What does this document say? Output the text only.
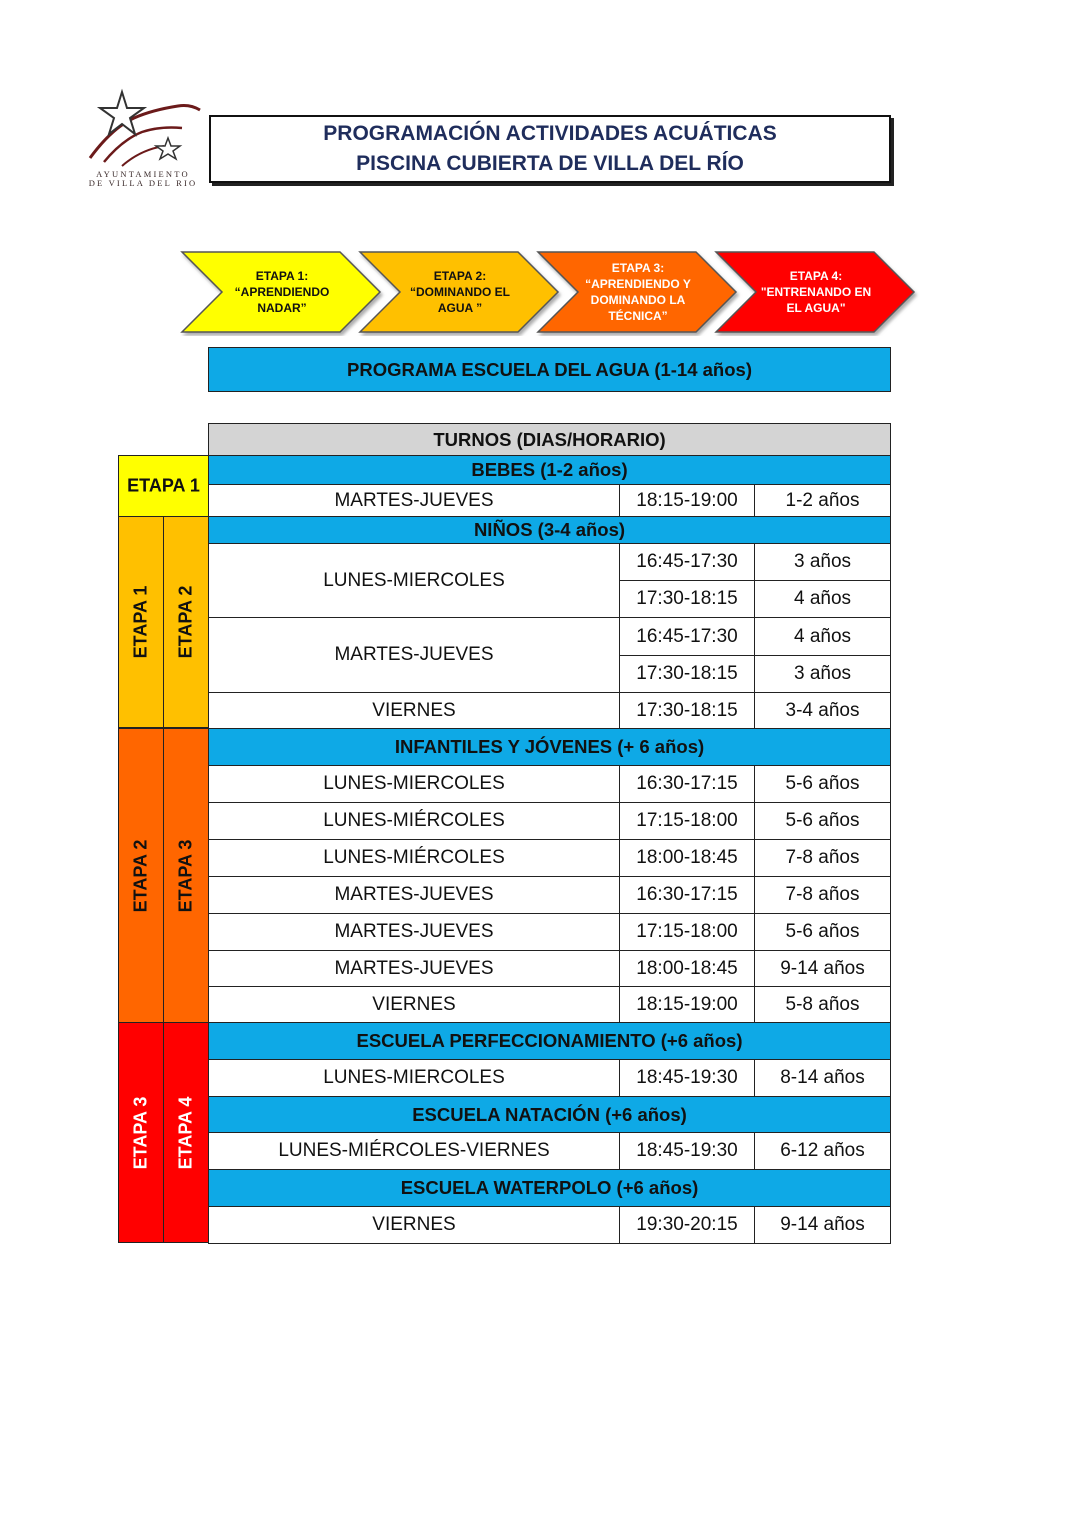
AYUNTAMIENTO
DE VILLA DEL RIO
PROGRAMACIÓN ACTIVIDADES ACUÁTICAS
PISCINA CUBIERTA DE VILLA DEL RÍO
ETAPA 1:
“APRENDIENDO
NADAR”
ETAPA 2:
“DOMINANDO EL
AGUA ”
ETAPA 3:
“APRENDIENDO Y
DOMINANDO LA
TÉCNICA”
ETAPA 4:
"ENTRENANDO EN
EL AGUA"
PROGRAMA ESCUELA DEL AGUA (1-14 años)
TURNOS (DIAS/HORARIO)
BEBES (1-2 años)
ETAPA 1
MARTES-JUEVES	18:15-19:00	1-2 años
NIÑOS (3-4 años)
ETAPA 1 ETAPA 2
LUNES-MIERCOLES
16:45-17:30	3 años
17:30-18:15	4 años
MARTES-JUEVES
16:45-17:30	4 años
17:30-18:15	3 años
VIERNES	17:30-18:15	3-4 años
INFANTILES Y JÓVENES (+ 6 años)
ETAPA 2 ETAPA 3
LUNES-MIERCOLES	16:30-17:15	5-6 años
LUNES-MIÉRCOLES	17:15-18:00	5-6 años
LUNES-MIÉRCOLES	18:00-18:45	7-8 años
MARTES-JUEVES	16:30-17:15	7-8 años
MARTES-JUEVES	17:15-18:00	5-6 años
MARTES-JUEVES	18:00-18:45	9-14 años
VIERNES	18:15-19:00	5-8 años
ETAPA 3 ETAPA 4
ESCUELA PERFECCIONAMIENTO (+6 años)
LUNES-MIERCOLES	18:45-19:30	8-14 años
ESCUELA NATACIÓN (+6 años)
LUNES-MIÉRCOLES-VIERNES	18:45-19:30	6-12 años
ESCUELA WATERPOLO (+6 años)
VIERNES	19:30-20:15	9-14 años
